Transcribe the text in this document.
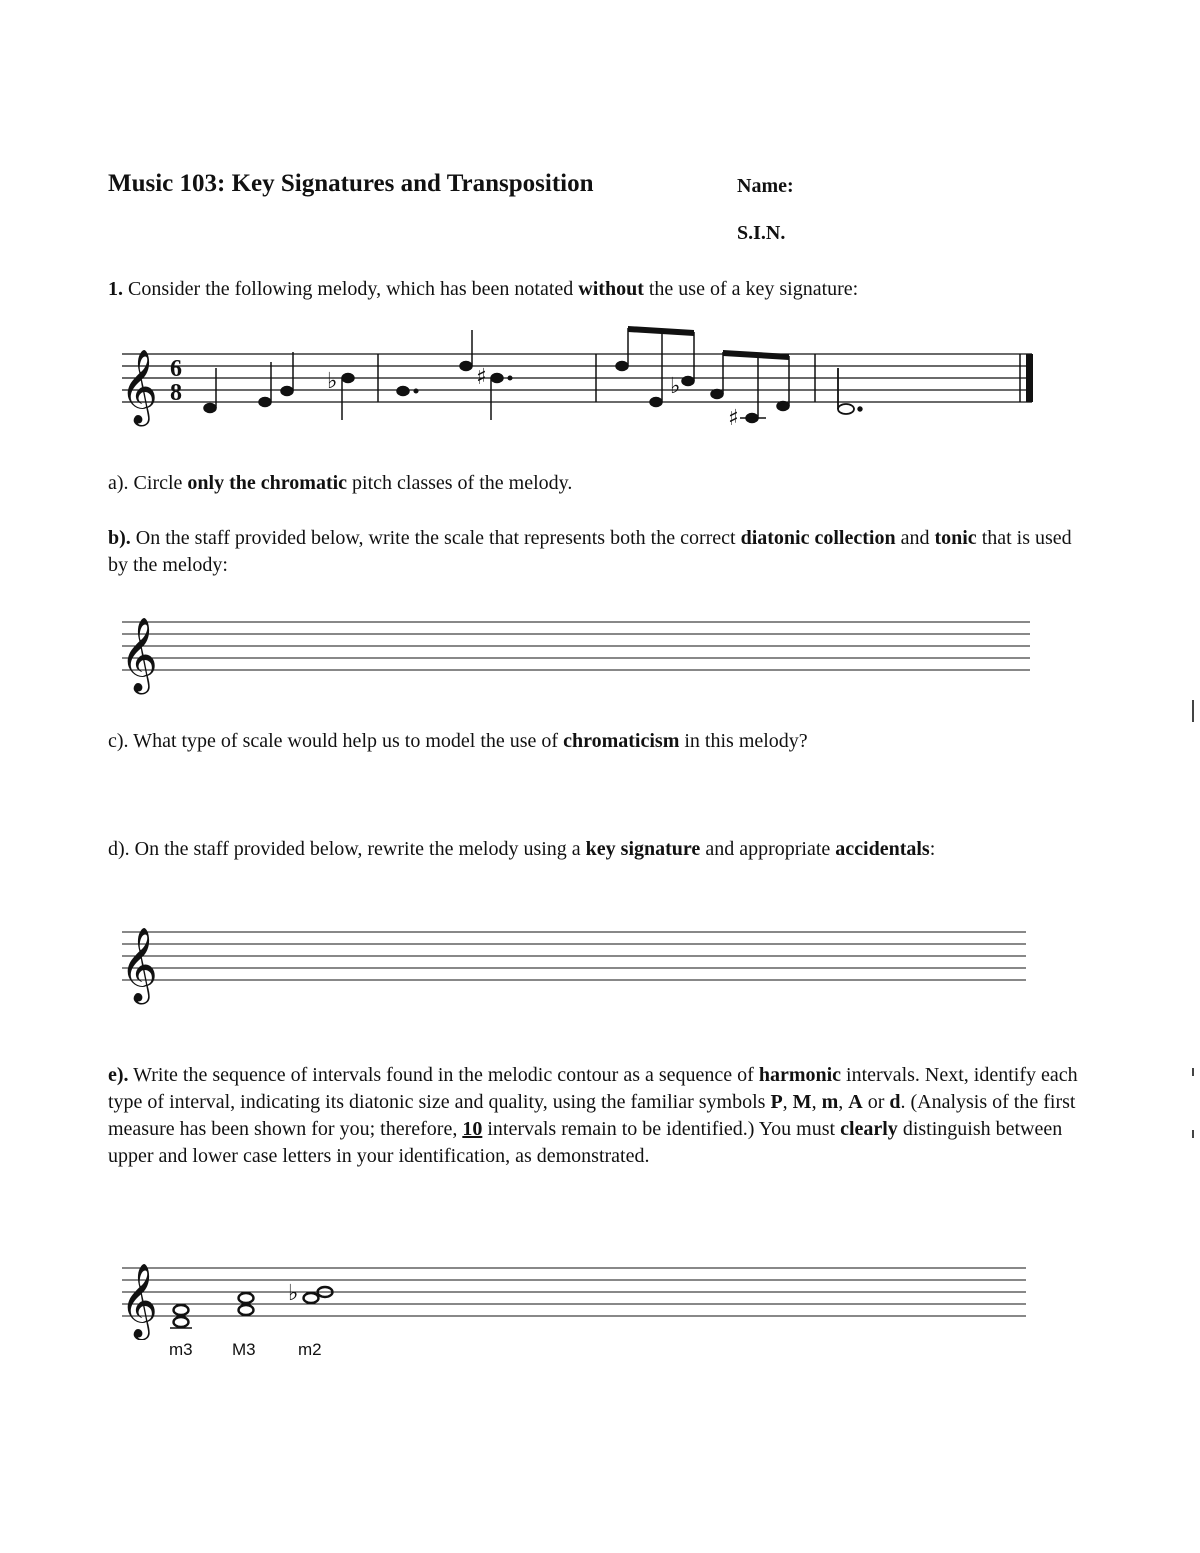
Music 103: Key Signatures and Transposition	Name:
S.I.N.
1. Consider the following melody, which has been notated without the use of a key signature:
𝄞 6
8	♭	♯	♭
♯
a). Circle only the chromatic pitch classes of the melody.
b). On the staff provided below, write the scale that represents both the correct diatonic collection and tonic that is used by the melody:
𝄞
c). What type of scale would help us to model the use of chromaticism in this melody?
d). On the staff provided below, rewrite the melody using a key signature and appropriate accidentals:
𝄞
e). Write the sequence of intervals found in the melodic contour as a sequence of harmonic intervals. Next, identify each type of interval, indicating its diatonic size and quality, using the familiar symbols P, M, m, A or d. (Analysis of the first measure has been shown for you; therefore, 10 intervals remain to be identified.) You must clearly distinguish between upper and lower case letters in your identification, as demonstrated.
𝄞	♭
m3 M3 m2
